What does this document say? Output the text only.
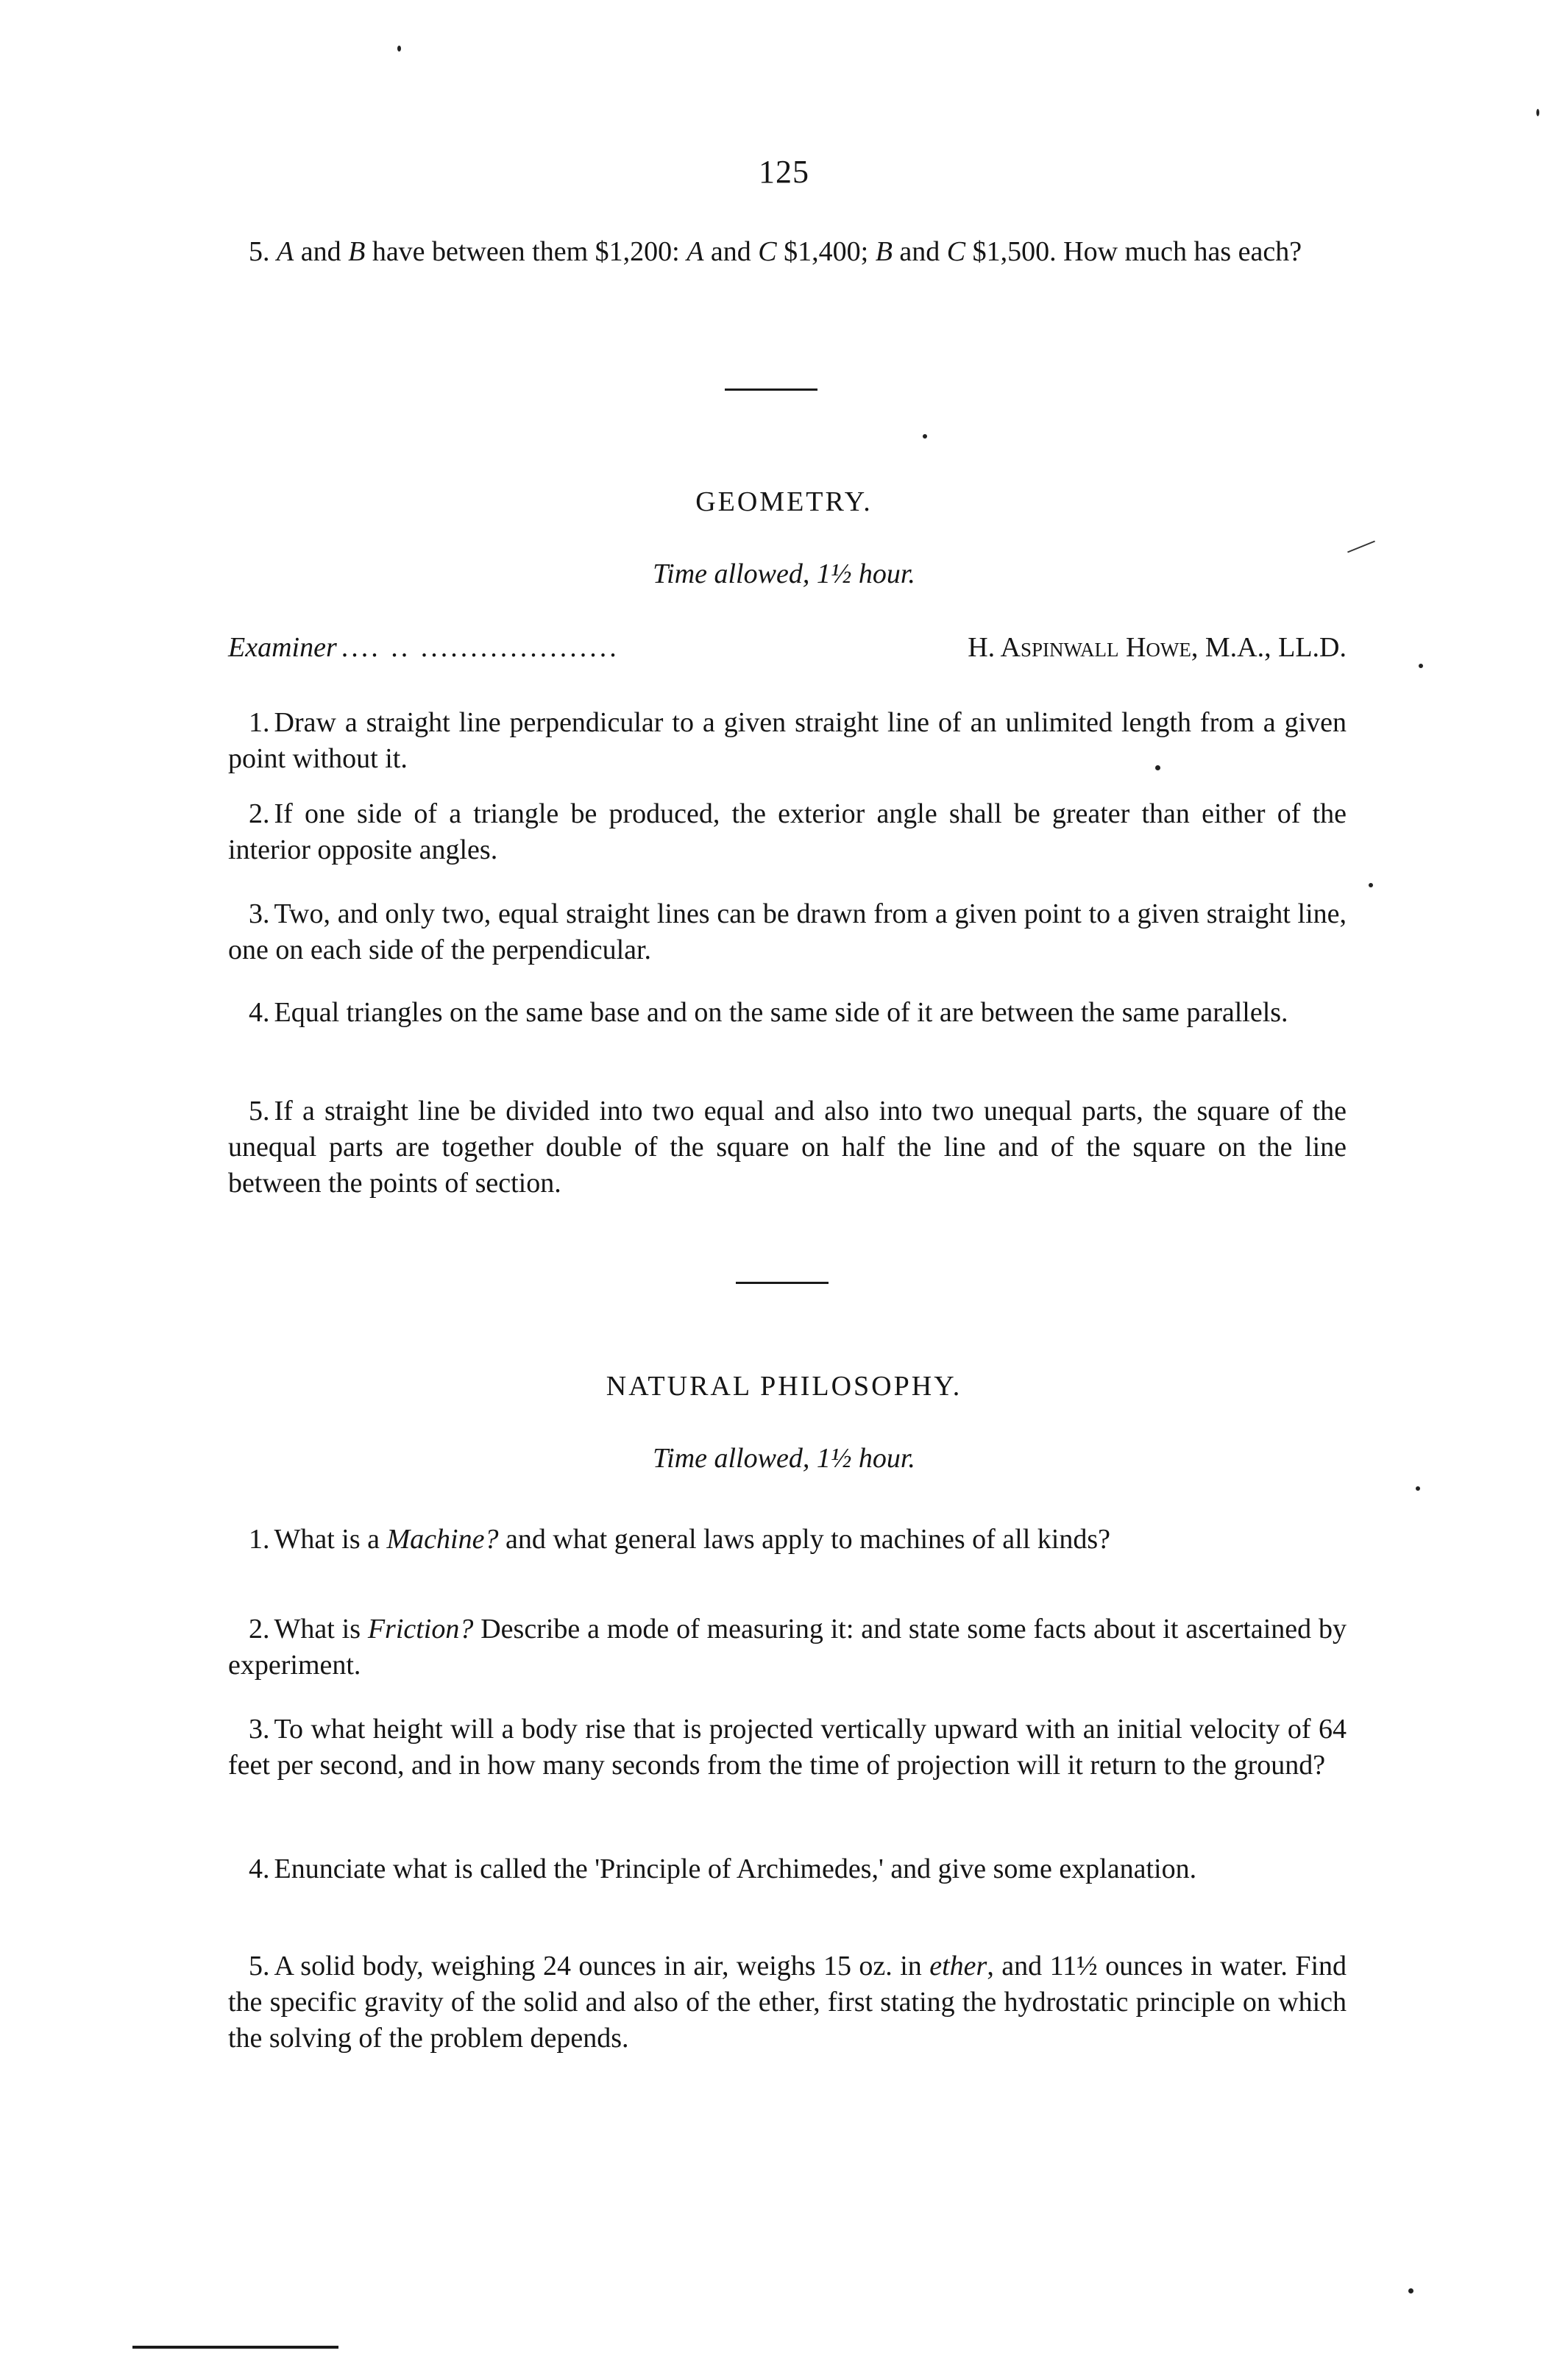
125
5. A and B have between them $1,200: A and C $1,400; B and C $1,500. How much has each?
GEOMETRY.
Time allowed, 1½ hour.
Examiner .... .. ....................	H. Aspinwall Howe, M.A., LL.D.
1. Draw a straight line perpendicular to a given straight line of an unlimited length from a given point without it.
2. If one side of a triangle be produced, the exterior angle shall be greater than either of the interior opposite angles.
3. Two, and only two, equal straight lines can be drawn from a given point to a given straight line, one on each side of the perpendicular.
4. Equal triangles on the same base and on the same side of it are between the same parallels.
5. If a straight line be divided into two equal and also into two unequal parts, the square of the unequal parts are together double of the square on half the line and of the square on the line between the points of section.
NATURAL PHILOSOPHY.
Time allowed, 1½ hour.
1. What is a Machine? and what general laws apply to machines of all kinds?
2. What is Friction? Describe a mode of measuring it: and state some facts about it ascertained by experiment.
3. To what height will a body rise that is projected vertically upward with an initial velocity of 64 feet per second, and in how many seconds from the time of projection will it return to the ground?
4. Enunciate what is called the 'Principle of Archimedes,' and give some explanation.
5. A solid body, weighing 24 ounces in air, weighs 15 oz. in ether, and 11½ ounces in water. Find the specific gravity of the solid and also of the ether, first stating the hydrostatic principle on which the solving of the problem depends.
